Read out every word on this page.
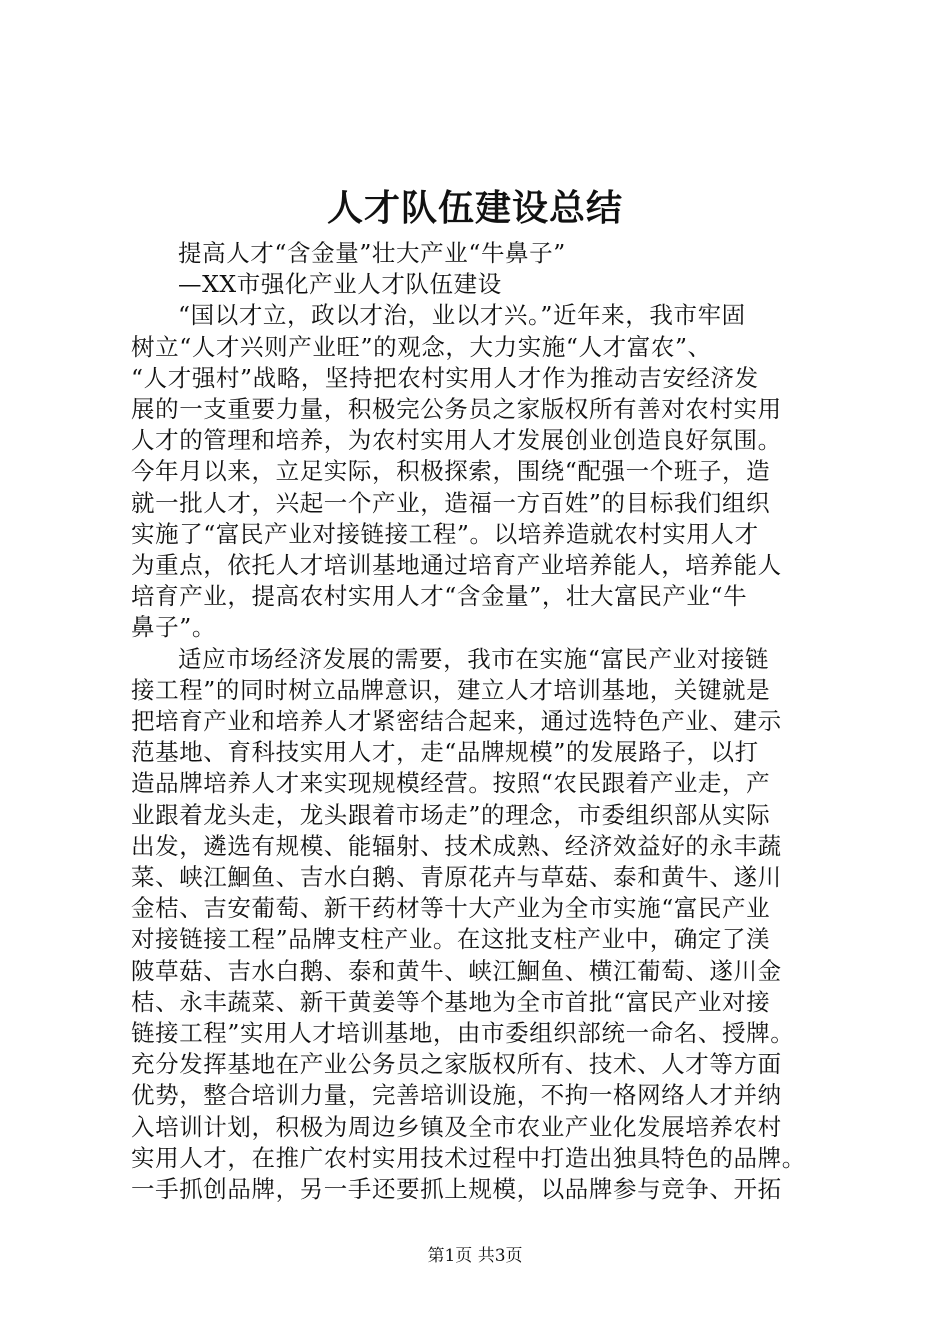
人才队伍建设总结
提高人才“含金量”壮大产业“牛鼻子”
—XX市强化产业人才队伍建设
“国以才立，政以才治，业以才兴。”近年来，我市牢固
树立“人才兴则产业旺”的观念，大力实施“人才富农”、
“人才强村”战略，坚持把农村实用人才作为推动吉安经济发
展的一支重要力量，积极完公务员之家版权所有善对农村实用
人才的管理和培养，为农村实用人才发展创业创造良好氛围。
今年月以来，立足实际，积极探索，围绕“配强一个班子，造
就一批人才，兴起一个产业，造福一方百姓”的目标我们组织
实施了“富民产业对接链接工程”。以培养造就农村实用人才
为重点，依托人才培训基地通过培育产业培养能人，培养能人
培育产业，提高农村实用人才“含金量”，壮大富民产业“牛
鼻子”。
适应市场经济发展的需要，我市在实施“富民产业对接链
接工程”的同时树立品牌意识，建立人才培训基地，关键就是
把培育产业和培养人才紧密结合起来，通过选特色产业、建示
范基地、育科技实用人才，走“品牌规模”的发展路子，以打
造品牌培养人才来实现规模经营。按照“农民跟着产业走，产
业跟着龙头走，龙头跟着市场走”的理念，市委组织部从实际
出发，遴选有规模、能辐射、技术成熟、经济效益好的永丰蔬
菜、峡江鮰鱼、吉水白鹅、青原花卉与草菇、泰和黄牛、遂川
金桔、吉安葡萄、新干药材等十大产业为全市实施“富民产业
对接链接工程”品牌支柱产业。在这批支柱产业中，确定了渼
陂草菇、吉水白鹅、泰和黄牛、峡江鮰鱼、横江葡萄、遂川金
桔、永丰蔬菜、新干黄姜等个基地为全市首批“富民产业对接
链接工程”实用人才培训基地，由市委组织部统一命名、授牌。
充分发挥基地在产业公务员之家版权所有、技术、人才等方面
优势，整合培训力量，完善培训设施，不拘一格网络人才并纳
入培训计划，积极为周边乡镇及全市农业产业化发展培养农村
实用人才，在推广农村实用技术过程中打造出独具特色的品牌。
一手抓创品牌，另一手还要抓上规模，以品牌参与竞争、开拓
第1页 共3页
